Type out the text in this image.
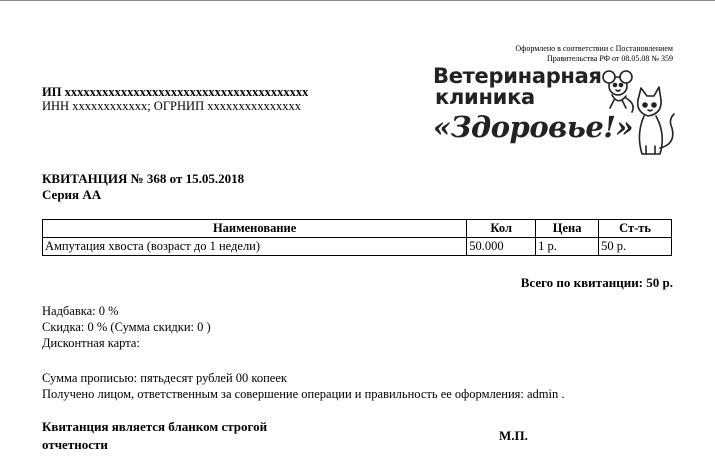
Оформлено в соответствии с Постановлением
Правительства РФ от 08.05.08 № 359
Ветеринарная
клиника
«Здоровье!»
ИП xxxxxxxxxxxxxxxxxxxxxxxxxxxxxxxxxxxxxxx
ИНН xxxxxxxxxxxx; ОГРНИП xxxxxxxxxxxxxxx
КВИТАНЦИЯ № 368 от 15.05.2018
Серия АА
Наименование	Кол	Цена	Ст-ть
Ампутация хвоста (возраст до 1 недели)	50.000	1 р.	50 р.
Всего по квитанции: 50 р.
Надбавка: 0 %
Скидка: 0 % (Сумма скидки: 0 )
Дисконтная карта:
Сумма прописью: пятьдесят рублей 00 копеек
Получено лицом, ответственным за совершение операции и правильность ее оформления: admin .
Квитанция является бланком строгой отчетности
М.П.
